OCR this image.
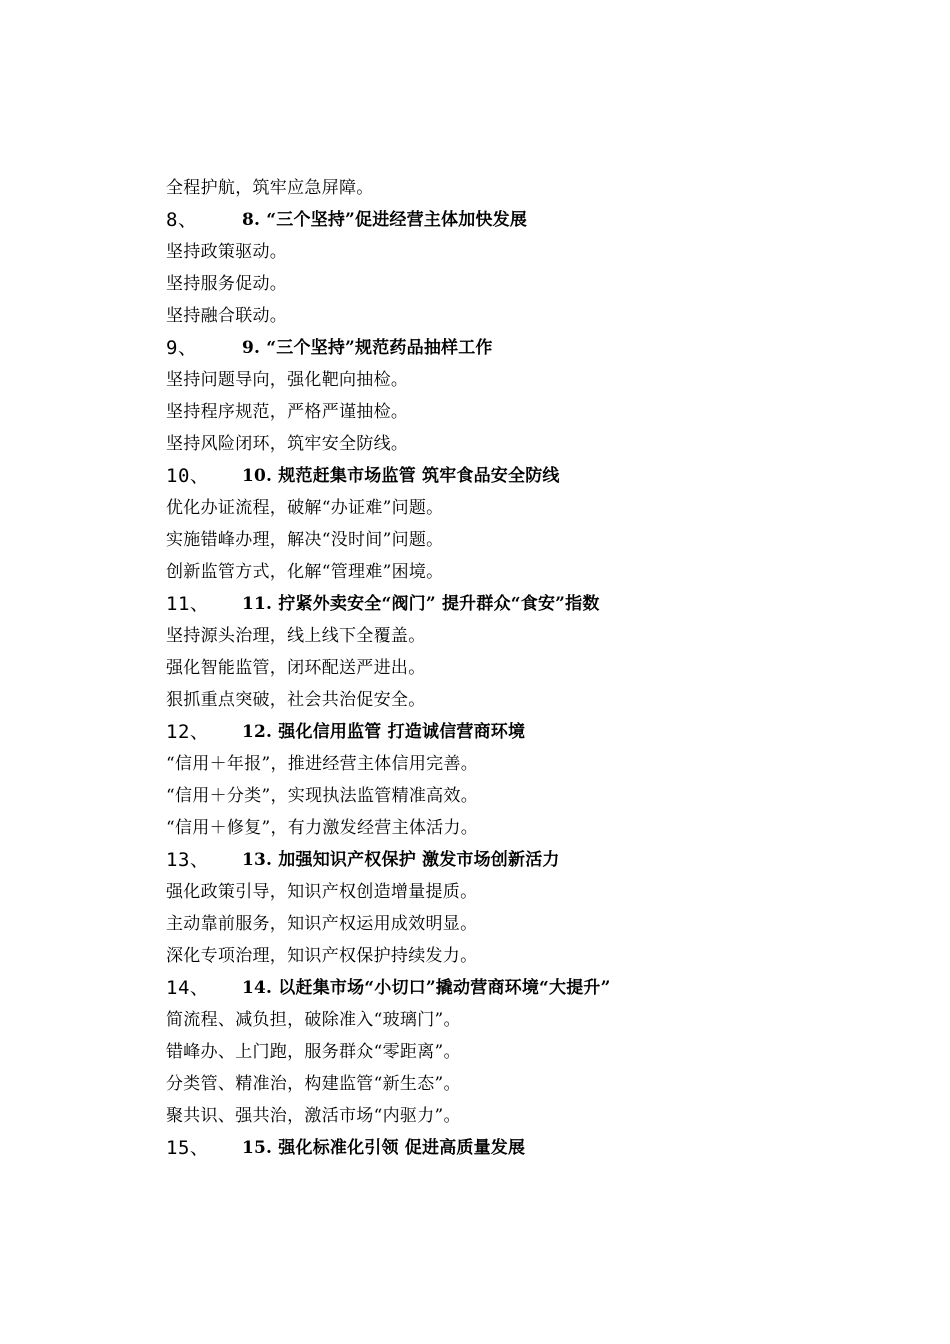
全程护航，筑牢应急屏障。
8、	8. “三个坚持”促进经营主体加快发展
坚持政策驱动。
坚持服务促动。
坚持融合联动。
9、	9. “三个坚持”规范药品抽样工作
坚持问题导向，强化靶向抽检。
坚持程序规范，严格严谨抽检。
坚持风险闭环，筑牢安全防线。
10、 10. 规范赶集市场监管 筑牢食品安全防线
优化办证流程，破解“办证难”问题。
实施错峰办理，解决“没时间”问题。
创新监管方式，化解“管理难”困境。
11、 11. 拧紧外卖安全“阀门” 提升群众“食安”指数
坚持源头治理，线上线下全覆盖。
强化智能监管，闭环配送严进出。
狠抓重点突破，社会共治促安全。
12、 12. 强化信用监管 打造诚信营商环境
“信用＋年报”，推进经营主体信用完善。
“信用＋分类”，实现执法监管精准高效。
“信用＋修复”，有力激发经营主体活力。
13、 13. 加强知识产权保护 激发市场创新活力
强化政策引导，知识产权创造增量提质。
主动靠前服务，知识产权运用成效明显。
深化专项治理，知识产权保护持续发力。
14、 14. 以赶集市场“小切口”撬动营商环境“大提升”
简流程、减负担，破除准入“玻璃门”。
错峰办、上门跑，服务群众“零距离”。
分类管、精准治，构建监管“新生态”。
聚共识、强共治，激活市场“内驱力”。
15、 15. 强化标准化引领 促进高质量发展
